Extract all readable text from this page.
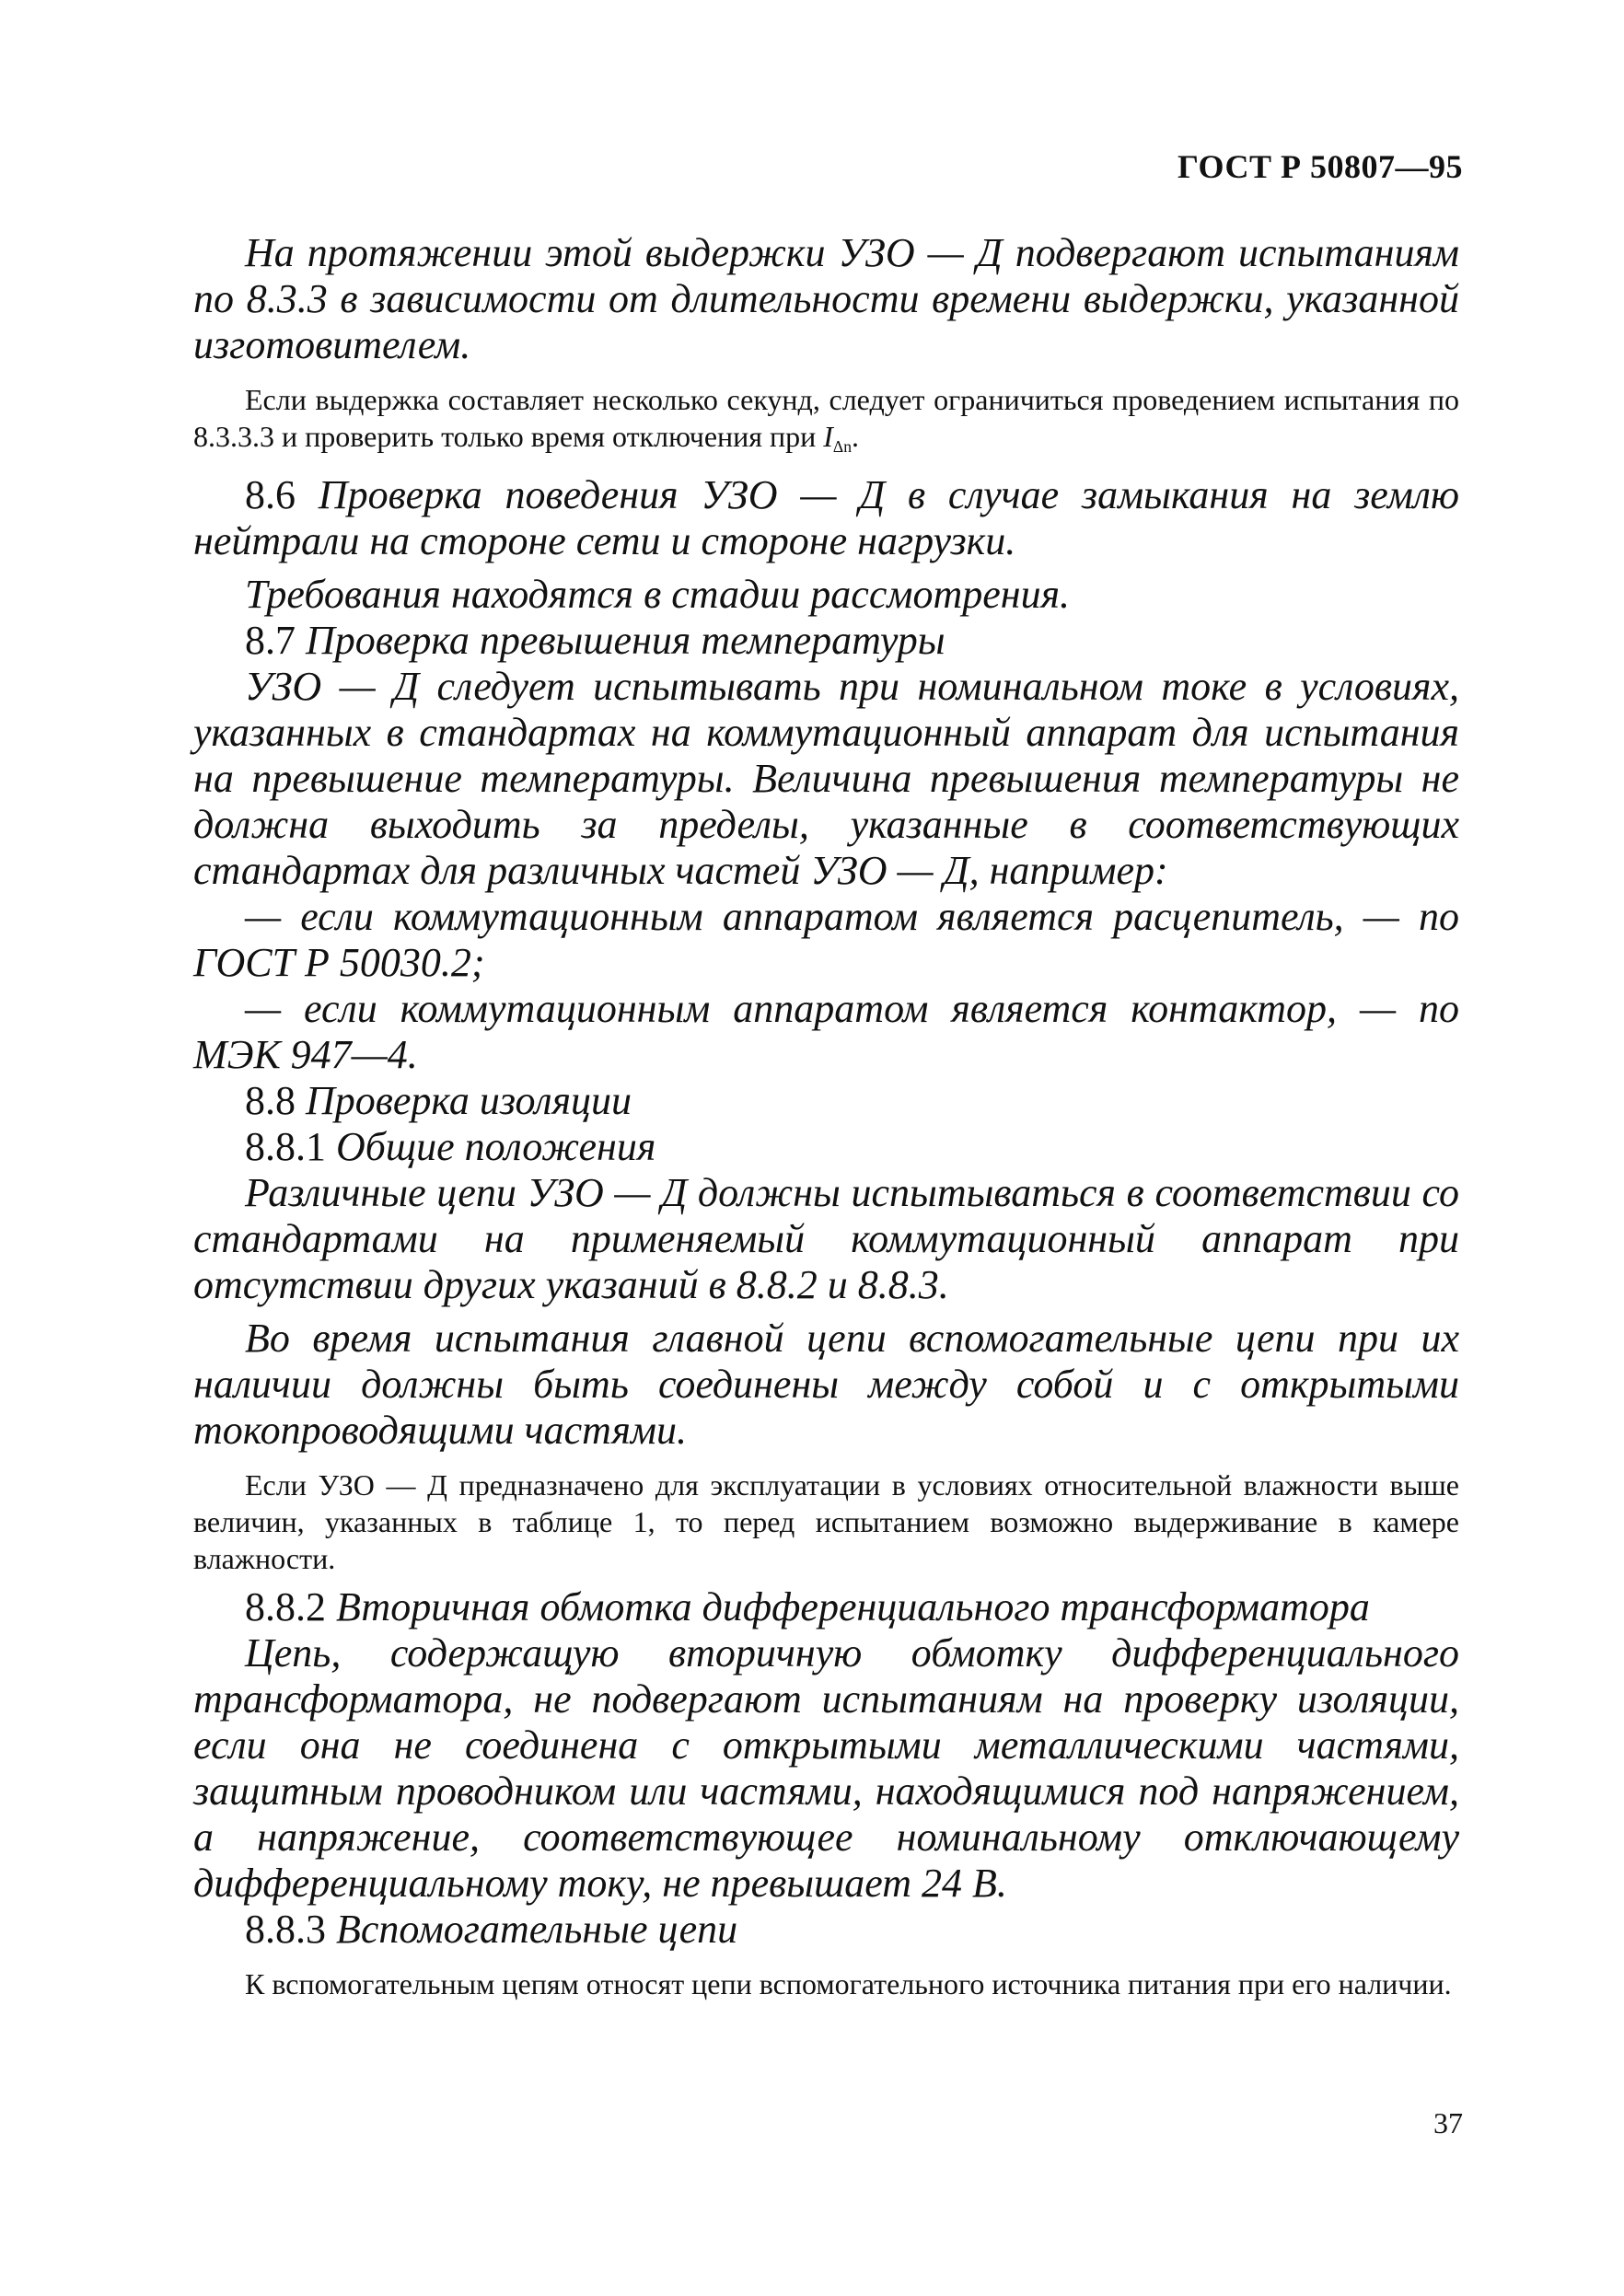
ГОСТ Р 50807—95

На протяжении этой выдержки УЗО — Д подвергают испытаниям по 8.3.3 в зависимости от длительности времени выдержки, указанной изготовителем.

Если выдержка составляет несколько секунд, следует ограничиться проведением испытания по 8.3.3.3 и проверить только время отключения при $I_{\Delta n}$.

8.6 Проверка поведения УЗО — Д в случае замыкания на землю нейтрали на стороне сети и стороне нагрузки.

Требования находятся в стадии рассмотрения.

8.7 Проверка превышения температуры

УЗО — Д следует испытывать при номинальном токе в условиях, указанных в стандартах на коммутационный аппарат для испытания на превышение температуры. Величина превышения температуры не должна выходить за пределы, указанные в соответствующих стандартах для различных частей УЗО — Д, например:

— если коммутационным аппаратом является расцепитель, — по ГОСТ Р 50030.2;

— если коммутационным аппаратом является контактор, — по МЭК 947—4.

8.8 Проверка изоляции

8.8.1 Общие положения

Различные цепи УЗО — Д должны испытываться в соответствии со стандартами на применяемый коммутационный аппарат при отсутствии других указаний в 8.8.2 и 8.8.3.

Во время испытания главной цепи вспомогательные цепи при их наличии должны быть соединены между собой и с открытыми токопроводящими частями.

Если УЗО — Д предназначено для эксплуатации в условиях относительной влажности выше величин, указанных в таблице 1, то перед испытанием возможно выдерживание в камере влажности.

8.8.2 Вторичная обмотка дифференциального трансформатора

Цепь, содержащую вторичную обмотку дифференциального трансформатора, не подвергают испытаниям на проверку изоляции, если она не соединена с открытыми металлическими частями, защитным проводником или частями, находящимися под напряжением, а напряжение, соответствующее номинальному отключающему дифференциальному току, не превышает 24 В.

8.8.3 Вспомогательные цепи

К вспомогательным цепям относят цепи вспомогательного источника питания при его наличии.

37
